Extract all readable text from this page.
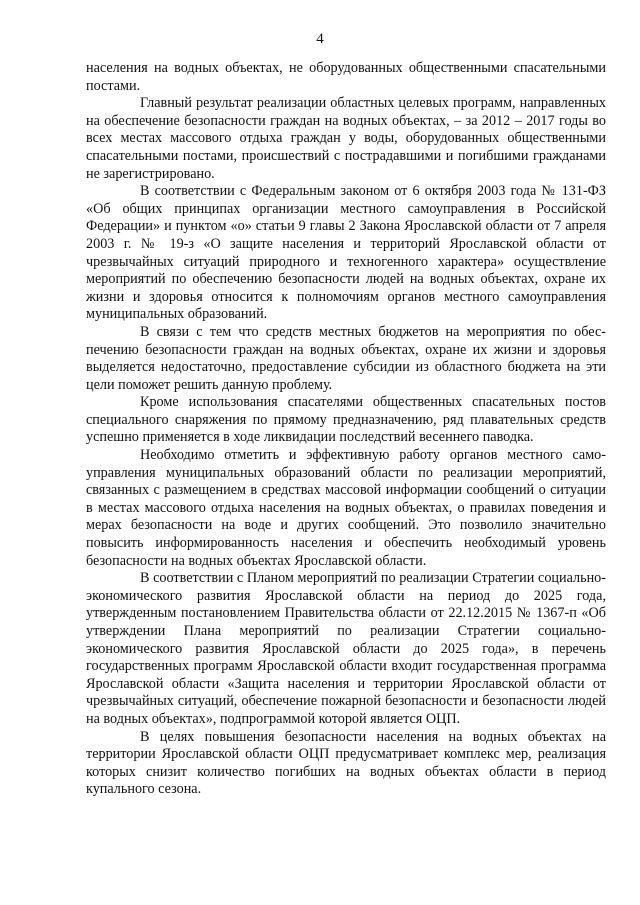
4

населения на водных объектах, не оборудованных общественными спасательными постами.

Главный результат реализации областных целевых программ, направленных на обеспечение безопасности граждан на водных объектах, – за 2012 – 2017 годы во всех местах массового отдыха граждан у воды, оборудованных общественными спасательными постами, происшествий с пострадавшими и погибшими гражданами не зарегистрировано.

В соответствии с Федеральным законом от 6 октября 2003 года № 131-ФЗ «Об общих принципах организации местного самоуправления в Российской Федерации» и пунктом «о» статьи 9 главы 2 Закона Ярославской области от 7 апреля 2003 г. № 19-з «О защите населения и территорий Ярославской области от чрезвычайных ситуаций природного и техногенного характера» осуществление мероприятий по обеспечению безопасности людей на водных объектах, охране их жизни и здоровья относится к полномочиям органов местного самоуправления муниципальных образований.

В связи с тем что средств местных бюджетов на мероприятия по обеспечению безопасности граждан на водных объектах, охране их жизни и здоровья выделяется недостаточно, предоставление субсидии из областного бюджета на эти цели поможет решить данную проблему.

Кроме использования спасателями общественных спасательных постов специального снаряжения по прямому предназначению, ряд плавательных средств успешно применяется в ходе ликвидации последствий весеннего паводка.

Необходимо отметить и эффективную работу органов местного самоуправления муниципальных образований области по реализации мероприятий, связанных с размещением в средствах массовой информации сообщений о ситуации в местах массового отдыха населения на водных объектах, о правилах поведения и мерах безопасности на воде и других сообщений. Это позволило значительно повысить информированность населения и обеспечить необходимый уровень безопасности на водных объектах Ярославской области.

В соответствии с Планом мероприятий по реализации Стратегии социально-экономического развития Ярославской области на период до 2025 года, утвержденным постановлением Правительства области от 22.12.2015 № 1367-п «Об утверждении Плана мероприятий по реализации Стратегии социально-экономического развития Ярославской области до 2025 года», в перечень государственных программ Ярославской области входит государственная программа Ярославской области «Защита населения и территории Ярославской области от чрезвычайных ситуаций, обеспечение пожарной безопасности и безопасности людей на водных объектах», подпрограммой которой является ОЦП.

В целях повышения безопасности населения на водных объектах на территории Ярославской области ОЦП предусматривает комплекс мер, реализация которых снизит количество погибших на водных объектах области в период купального сезона.
